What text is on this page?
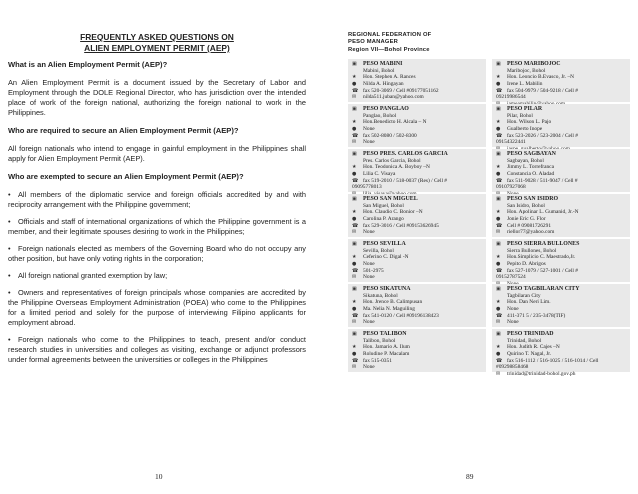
FREQUENTLY ASKED QUESTIONS ON
ALIEN EMPLOYMENT PERMIT (AEP)
What is an Alien Employment Permit (AEP)?
An Alien Employment Permit is a document issued by the Secretary of Labor and Employment through the DOLE Regional Director, who has jurisdiction over the intended place of work of the foreign national, authorizing the foreign national to work in the Philippines.
Who are required to secure an Alien Employment Permit (AEP)?
All foreign nationals who intend to engage in gainful employment in the Philippines shall apply for Alien Employment Permit (AEP).
Who are exempted to secure an Alien Employment Permit (AEP)?
• All members of the diplomatic service and foreign officials accredited by and with reciprocity arrangement with the Philippine government;
• Officials and staff of international organizations of which the Philippine government is a member, and their legitimate spouses desiring to work in the Philippines;
• Foreign nationals elected as members of the Governing Board who do not occupy any other position, but have only voting rights in the corporation;
• All foreign national granted exemption by law;
• Owners and representatives of foreign principals whose companies are accredited by the Philippine Overseas Employment Administration (POEA) who come to the Philippines for a limited period and solely for the purpose of interviewing Filipino applicants for employment abroad.
• Foreign nationals who come to the Philippines to teach, present and/or conduct research studies in universities and colleges as visiting, exchange or adjunct professors under formal agreements between the universities or colleges in the Philippines
10
REGIONAL FEDERATION OF
PESO MANAGER
Region VII—Bohol Province
▣ PESO MABINI
Mabini, Bohol
★ Hon. Stephen A. Rances
● Nilda A. Hingayan
☎ fax 520-3069 / Cell #09177051162
✉ nilda511.juban@yahoo.com
▣ PESO MARIBOJOC
Maribojoc, Bohol
★ Hon. Leoncio B.Evasco, Jr. –N
● Irene L. Mabilin
☎ fax 504-9979 / 504-9218 / Cell #
09219986544
▣ PESO PANGLAO
Panglao, Bohol
★ Hon.Benedicto H. Alcala – N
● None
☎ fax 502-8080 / 502-8300
✉ None
▣ PESO PILAR
Pilar, Bohol
★ Hon. Wilson L. Pajo
● Gualberto Inope
☎ fax 523-2026 / 523-2004 / Cell #
09154322441
▣ PESO PRES. CARLOS GARCIA
Pres. Carlos Garcia, Bohol
★ Hon. Teodonica A. Boyboy –N
● Lilia C. Visaya
☎ fax 519-2010 / 518-0037 (Res) / Cell #
09095778013
▣ PESO SAGBAYAN
Sagbayan, Bohol
★ Jimmy L. Torrefranca
● Constancia O. Aladad
☎ fax 511-9028 / 511-9047 / Cell #
09107927068
▣ PESO SAN MIGUEL
San Miguel, Bohol
★ Hon. Claudio C. Bonior –N
● Carolina P. Arango
☎ fax 529-3016 / Cell #09153626945
✉ None
▣ PESO SAN ISIDRO
San Isidro, Bohol
★ Hon. Apolinar L. Gumanid, Jr.-N
● Jonie Eric G. Flor
☎ Cell # 09081726291
✉ riellor77@yahoo.com
▣ PESO SEVILLA
Sevilla, Bohol
★ Ceferino C. Digal -N
● None
☎ 501-2975
✉ None
▣ PESO SIERRA BULLONES
Sierra Bullones, Bohol
★ Hon.Simplicio C. Maestrado,Jr.
● Pepito D. Abrigos
☎ fax 527-1079 / 527-1001 / Cell #
09152787524
▣ PESO SIKATUNA
Sikatuna, Bohol
★ Hon. Jrence B. Calimpusan
● Ma. Nelia N. Maguiling
☎ fax 541-0120 / Cell #09196138423
✉ None
▣ PESO TAGBILARAN CITY
Tagbilaran City
★ Hon. Dan Neri Lim.
● None
☎ 411-371 5 / 235-3478(TIF)
✉ None
▣ PESO TALIBON
Talibon, Bohol
★ Hon. Jamario A. Ilum
● Roludine P. Macalam
☎ fax 515-0351
✉ None
▣ PESO TRINIDAD
Trinidad, Bohol
★ Hon. Judith R. Cajes –N
● Quirino T. Nagal, Jr.
☎ fax 516-1112 / 516-1025 / 516-1014 / Cell
#09298858468
✉ trinidad@trinidad-bohol.gov.ph
89
